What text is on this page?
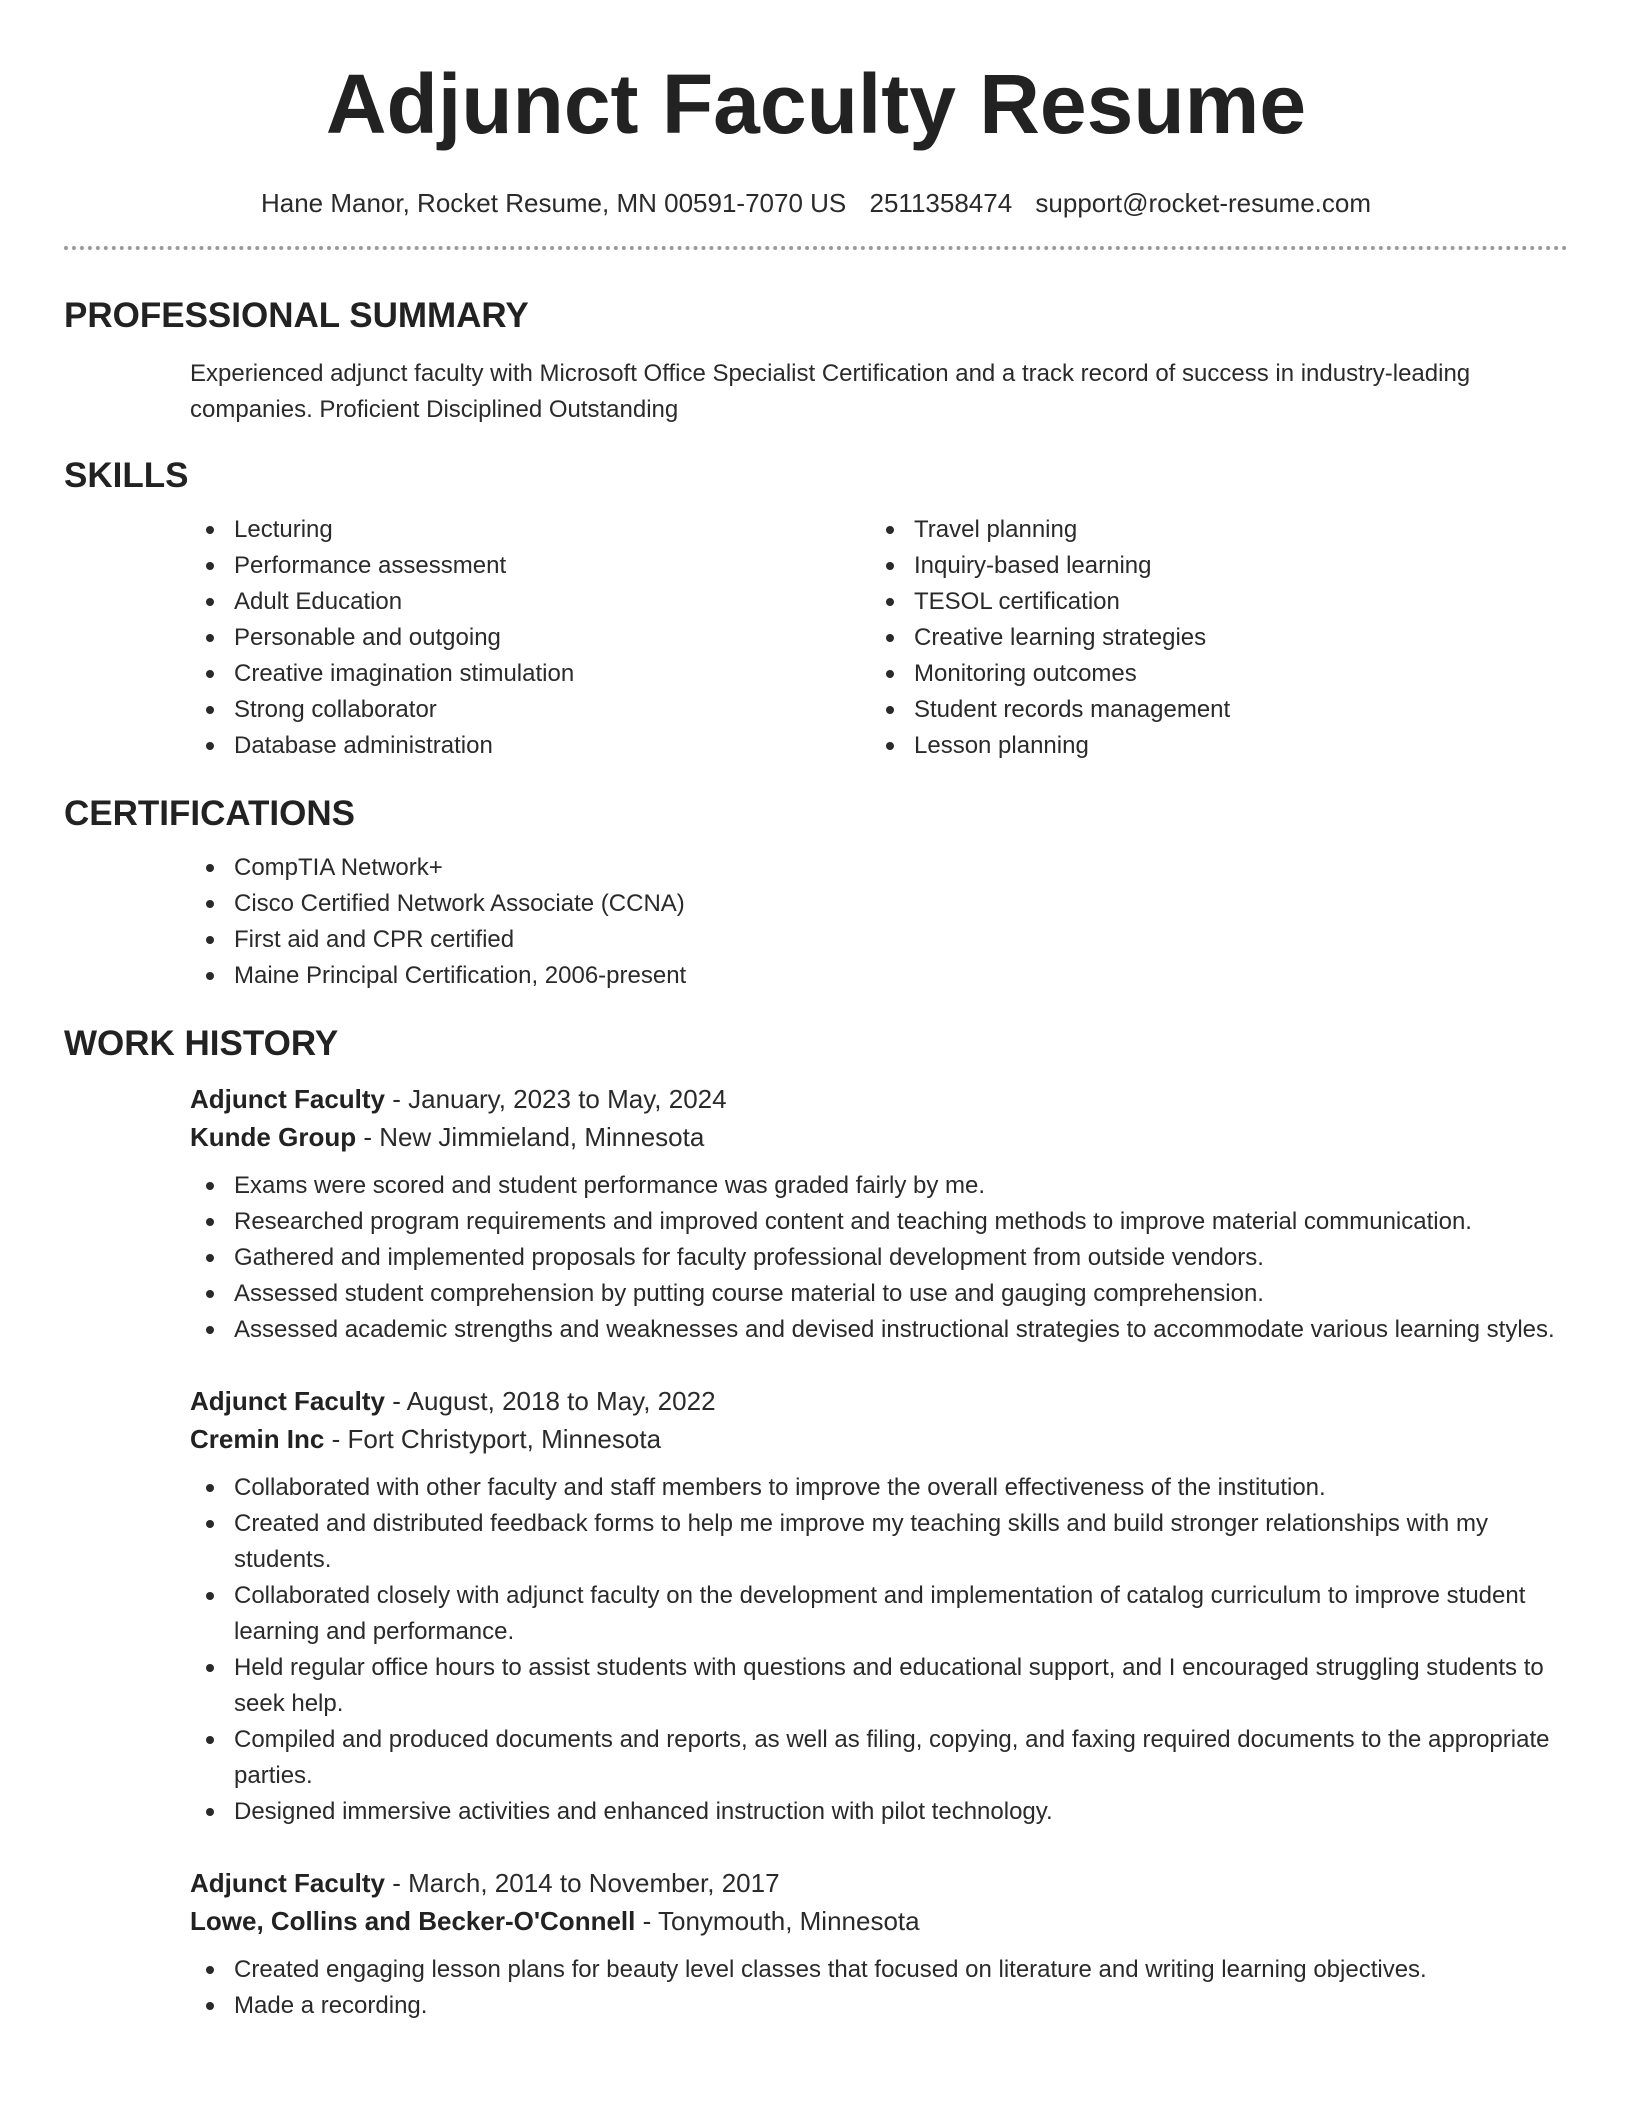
Adjunct Faculty Resume
Hane Manor, Rocket Resume, MN 00591-7070 US 2511358474 support@rocket-resume.com
PROFESSIONAL SUMMARY
Experienced adjunct faculty with Microsoft Office Specialist Certification and a track record of success in industry-leading companies. Proficient Disciplined Outstanding
SKILLS
Lecturing
Performance assessment
Adult Education
Personable and outgoing
Creative imagination stimulation
Strong collaborator
Database administration
Travel planning
Inquiry-based learning
TESOL certification
Creative learning strategies
Monitoring outcomes
Student records management
Lesson planning
CERTIFICATIONS
CompTIA Network+
Cisco Certified Network Associate (CCNA)
First aid and CPR certified
Maine Principal Certification, 2006-present
WORK HISTORY
Adjunct Faculty - January, 2023 to May, 2024
Kunde Group - New Jimmieland, Minnesota
Exams were scored and student performance was graded fairly by me.
Researched program requirements and improved content and teaching methods to improve material communication.
Gathered and implemented proposals for faculty professional development from outside vendors.
Assessed student comprehension by putting course material to use and gauging comprehension.
Assessed academic strengths and weaknesses and devised instructional strategies to accommodate various learning styles.
Adjunct Faculty - August, 2018 to May, 2022
Cremin Inc - Fort Christyport, Minnesota
Collaborated with other faculty and staff members to improve the overall effectiveness of the institution.
Created and distributed feedback forms to help me improve my teaching skills and build stronger relationships with my students.
Collaborated closely with adjunct faculty on the development and implementation of catalog curriculum to improve student learning and performance.
Held regular office hours to assist students with questions and educational support, and I encouraged struggling students to seek help.
Compiled and produced documents and reports, as well as filing, copying, and faxing required documents to the appropriate parties.
Designed immersive activities and enhanced instruction with pilot technology.
Adjunct Faculty - March, 2014 to November, 2017
Lowe, Collins and Becker-O'Connell - Tonymouth, Minnesota
Created engaging lesson plans for beauty level classes that focused on literature and writing learning objectives.
Made a recording.
